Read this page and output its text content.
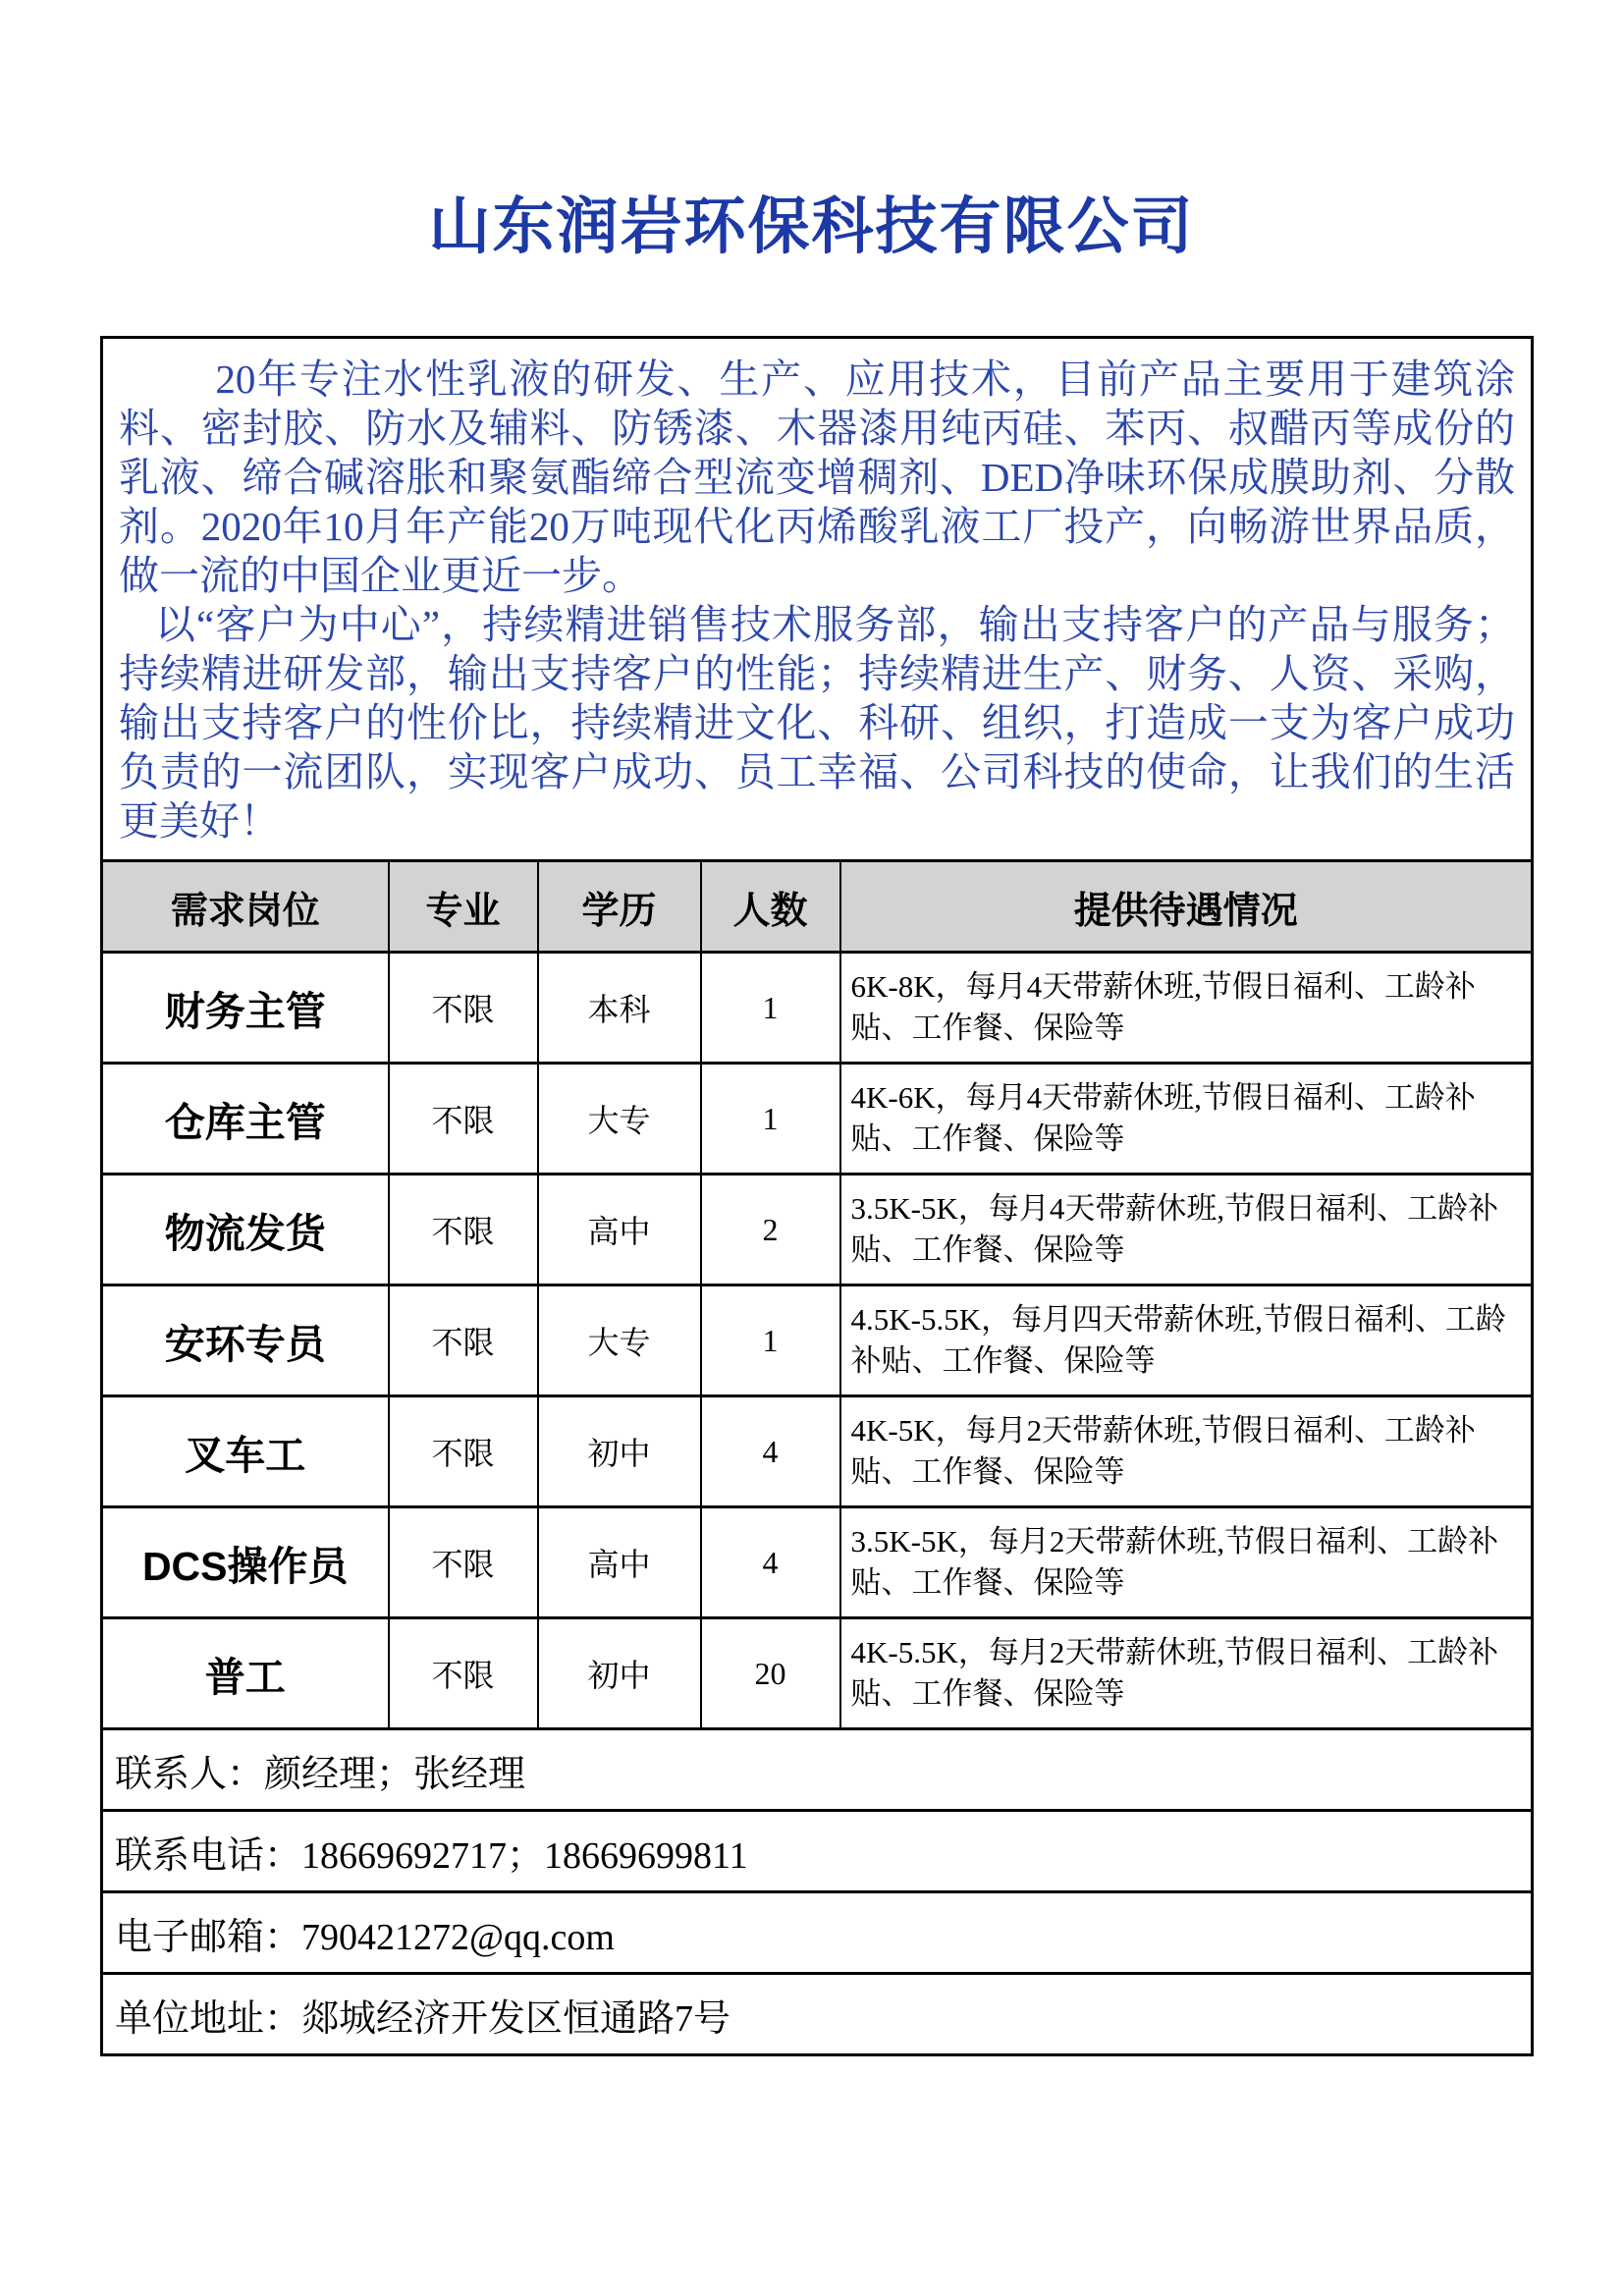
山东润岩环保科技有限公司

20年专注水性乳液的研发、生产、应用技术，目前产品主要用于建筑涂料、密封胶、防水及辅料、防锈漆、木器漆用纯丙硅、苯丙、叔醋丙等成份的乳液、缔合碱溶胀和聚氨酯缔合型流变增稠剂、DED净味环保成膜助剂、分散剂。2020年10月年产能20万吨现代化丙烯酸乳液工厂投产，向畅游世界品质，做一流的中国企业更近一步。

以“客户为中心”，持续精进销售技术服务部，输出支持客户的产品与服务；持续精进研发部，输出支持客户的性能；持续精进生产、财务、人资、采购，输出支持客户的性价比，持续精进文化、科研、组织，打造成一支为客户成功负责的一流团队，实现客户成功、员工幸福、公司科技的使命，让我们的生活更美好！				

需求岗位	专业	学历	人数	提供待遇情况
财务主管	不限	本科	1	6K-8K，每月4天带薪休班,节假日福利、工龄补贴、工作餐、保险等
仓库主管	不限	大专	1	4K-6K，每月4天带薪休班,节假日福利、工龄补贴、工作餐、保险等
物流发货	不限	高中	2	3.5K-5K，每月4天带薪休班,节假日福利、工龄补贴、工作餐、保险等
安环专员	不限	大专	1	4.5K-5.5K，每月四天带薪休班,节假日福利、工龄补贴、工作餐、保险等
叉车工	不限	初中	4	4K-5K，每月2天带薪休班,节假日福利、工龄补贴、工作餐、保险等
DCS操作员	不限	高中	4	3.5K-5K，每月2天带薪休班,节假日福利、工龄补贴、工作餐、保险等
普工	不限	初中	20	4K-5.5K，每月2天带薪休班,节假日福利、工龄补贴、工作餐、保险等
联系人：颜经理；张经理				
联系电话：18669692717；18669699811				
电子邮箱：790421272@qq.com				
单位地址：郯城经济开发区恒通路7号				
